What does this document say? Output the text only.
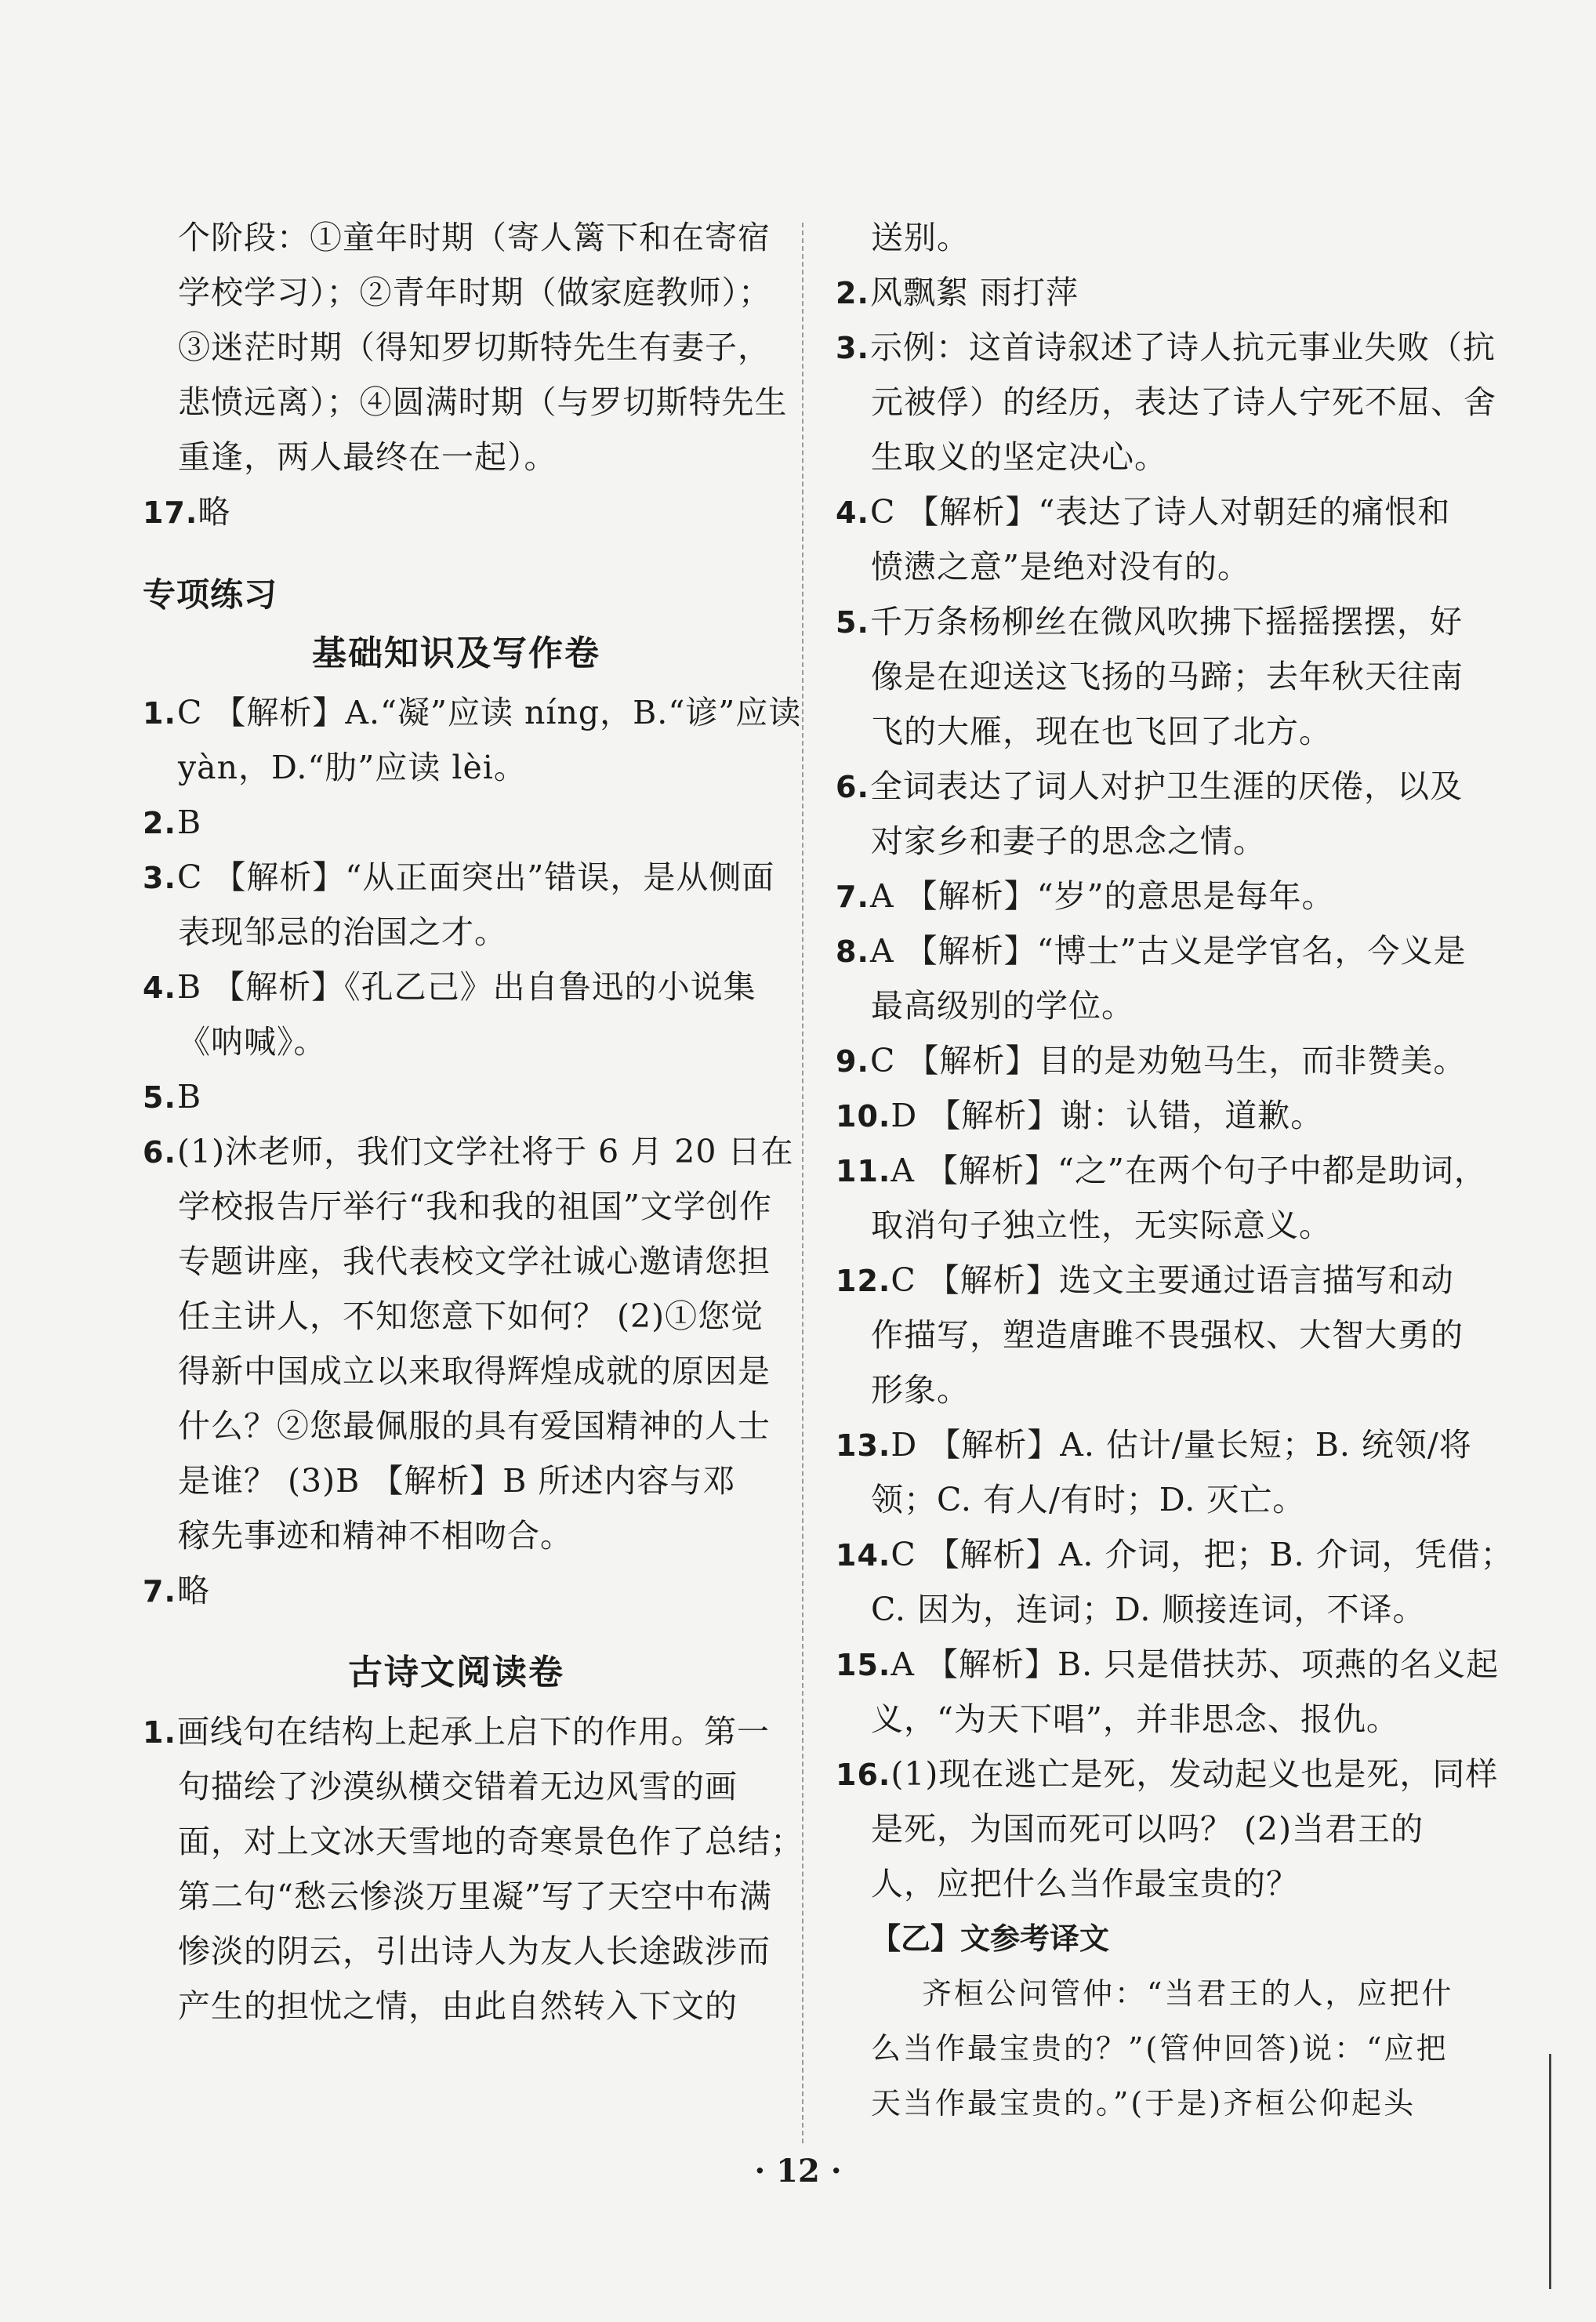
个阶段：①童年时期（寄人篱下和在寄宿
学校学习）；②青年时期（做家庭教师）；
③迷茫时期（得知罗切斯特先生有妻子，
悲愤远离）；④圆满时期（与罗切斯特先生
重逢，两人最终在一起）。
17.略
专项练习
基础知识及写作卷
1.C 【解析】A.“凝”应读 níng，B.“谚”应读
yàn，D.“肋”应读 lèi。
2.B
3.C 【解析】“从正面突出”错误，是从侧面
表现邹忌的治国之才。
4.B 【解析】《孔乙己》出自鲁迅的小说集
《呐喊》。
5.B
6.(1)沐老师，我们文学社将于 6 月 20 日在
学校报告厅举行“我和我的祖国”文学创作
专题讲座，我代表校文学社诚心邀请您担
任主讲人，不知您意下如何？ (2)①您觉
得新中国成立以来取得辉煌成就的原因是
什么？②您最佩服的具有爱国精神的人士
是谁？ (3)B 【解析】B 所述内容与邓
稼先事迹和精神不相吻合。
7.略
古诗文阅读卷
1.画线句在结构上起承上启下的作用。第一
句描绘了沙漠纵横交错着无边风雪的画
面，对上文冰天雪地的奇寒景色作了总结；
第二句“愁云惨淡万里凝”写了天空中布满
惨淡的阴云，引出诗人为友人长途跋涉而
产生的担忧之情，由此自然转入下文的
送别。
2.风飘絮 雨打萍
3.示例：这首诗叙述了诗人抗元事业失败（抗
元被俘）的经历，表达了诗人宁死不屈、舍
生取义的坚定决心。
4.C 【解析】“表达了诗人对朝廷的痛恨和
愤懑之意”是绝对没有的。
5.千万条杨柳丝在微风吹拂下摇摇摆摆，好
像是在迎送这飞扬的马蹄；去年秋天往南
飞的大雁，现在也飞回了北方。
6.全词表达了词人对护卫生涯的厌倦，以及
对家乡和妻子的思念之情。
7.A 【解析】“岁”的意思是每年。
8.A 【解析】“博士”古义是学官名，今义是
最高级别的学位。
9.C 【解析】目的是劝勉马生，而非赞美。
10.D 【解析】谢：认错，道歉。
11.A 【解析】“之”在两个句子中都是助词，
取消句子独立性，无实际意义。
12.C 【解析】选文主要通过语言描写和动
作描写，塑造唐雎不畏强权、大智大勇的
形象。
13.D 【解析】A. 估计/量长短；B. 统领/将
领；C. 有人/有时；D. 灭亡。
14.C 【解析】A. 介词，把；B. 介词，凭借；
C. 因为，连词；D. 顺接连词，不译。
15.A 【解析】B. 只是借扶苏、项燕的名义起
义，“为天下唱”，并非思念、报仇。
16.(1)现在逃亡是死，发动起义也是死，同样
是死，为国而死可以吗？ (2)当君王的
人，应把什么当作最宝贵的？
【乙】文参考译文
齐桓公问管仲：“当君王的人，应把什
么当作最宝贵的？”(管仲回答)说：“应把
天当作最宝贵的。”(于是)齐桓公仰起头
· 12 ·
